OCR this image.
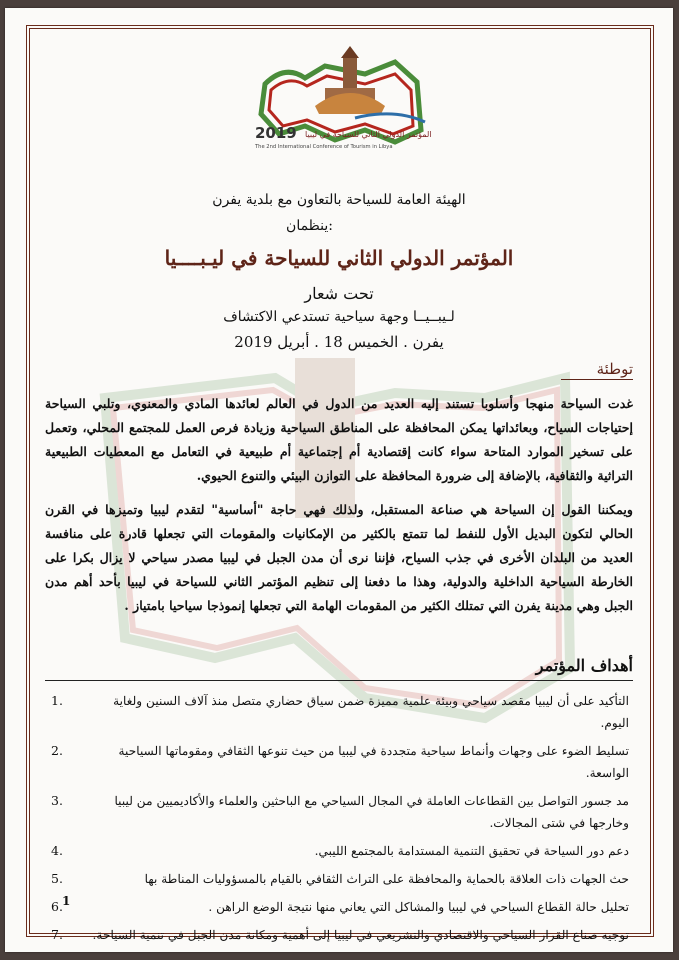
2019 المؤتمر الدولي الثاني للسياحة في ليبيا
The 2nd International Conference of Tourism in Libya
الهيئة العامة للسياحة بالتعاون مع بلدية يفرن
ينظمان:
المؤتمر الدولي الثاني للسياحة في ليـبــــيا
تحت شعار
لـيبــيــا وجهة سياحية تستدعي الاكتشاف
يفرن . الخميس 18 . أبريل 2019
توطئة
غدت السياحة منهجا وأسلوبا تستند إليه العديد من الدول في العالم لعائدها المادي والمعنوي، وتلبي السياحة إحتياجات السياح، وبعائداتها يمكن المحافظة على المناطق السياحية وزيادة فرص العمل للمجتمع المحلي، وتعمل على تسخير الموارد المتاحة سواء كانت إقتصادية أم إجتماعية أم طبيعية في التعامل مع المعطيات الطبيعية التراثية والثقافية، بالإضافة إلى ضرورة المحافظة على التوازن البيئي والتنوع الحيوي.
ويمكننا القول إن السياحة هي صناعة المستقبل، ولذلك فهي حاجة "أساسية" لتقدم ليبيا وتميزها في القرن الحالي لتكون البديل الأول للنفط لما تتمتع بالكثير من الإمكانيات والمقومات التي تجعلها قادرة على منافسة العديد من البلدان الأخرى في جذب السياح، فإننا نرى أن مدن الجبل في ليبيا مصدر سياحي لا يزال بكرا على الخارطة السياحية الداخلية والدولية، وهذا ما دفعنا إلى تنظيم المؤتمر الثاني للسياحة في ليبيا بأحد أهم مدن الجبل وهي مدينة يفرن التي تمتلك الكثير من المقومات الهامة التي تجعلها إنموذجا سياحيا بامتياز .
أهداف المؤتمر
1.	التأكيد على أن ليبيا مقصد سياحي وبيئة علمية مميزة ضمن سياق حضاري متصل منذ آلاف السنين ولغاية اليوم.
2.	تسليط الضوء على وجهات وأنماط سياحية متجددة في ليبيا من حيث تنوعها الثقافي ومقوماتها السياحية الواسعة.
3.	مد جسور التواصل بين القطاعات العاملة في المجال السياحي مع الباحثين والعلماء والأكاديميين من ليبيا وخارجها في شتى المجالات.
4.	دعم دور السياحة في تحقيق التنمية المستدامة بالمجتمع الليبي.
5.	حث الجهات ذات العلاقة بالحماية والمحافظة على التراث الثقافي بالقيام بالمسؤوليات المناطة بها
6.	تحليل حالة القطاع السياحي في ليبيا والمشاكل التي يعاني منها نتيجة الوضع الراهن .
7. توجيه صناع القرار السياحي والاقتصادي والتشريعي في ليبيا إلى أهمية ومكانة مدن الجبل في تنمية السياحة.
1
